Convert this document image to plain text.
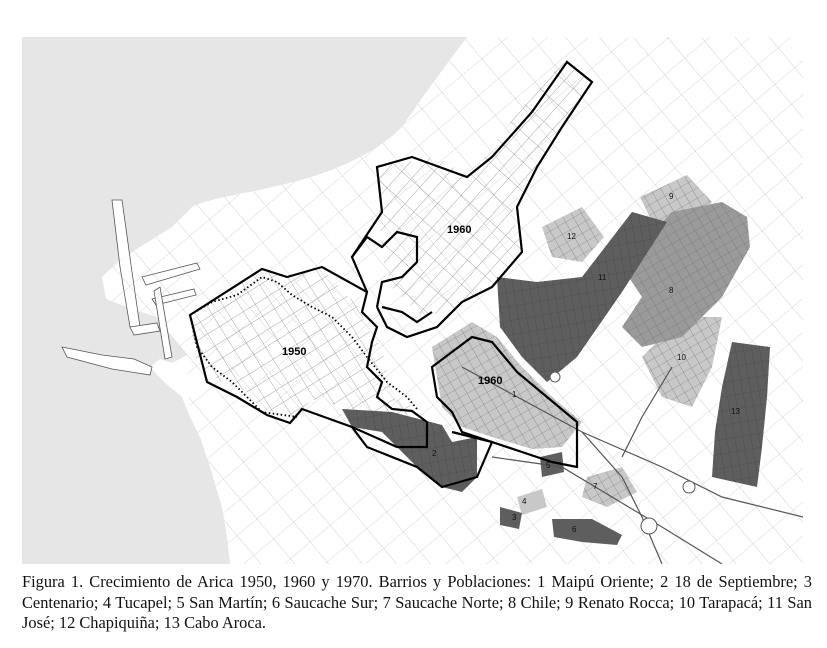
1950
1960
1960
1
2
3
4
5
6
7
8
9
10
11
12
13
Figura 1. Crecimiento de Arica 1950, 1960 y 1970. Barrios y Poblaciones: 1 Maipú Oriente; 2 18 de Septiembre; 3 Centenario; 4 Tucapel; 5 San Martín; 6 Saucache Sur; 7 Saucache Norte; 8 Chile; 9 Renato Rocca; 10 Tarapacá; 11 San José; 12 Chapiquiña; 13 Cabo Aroca.
